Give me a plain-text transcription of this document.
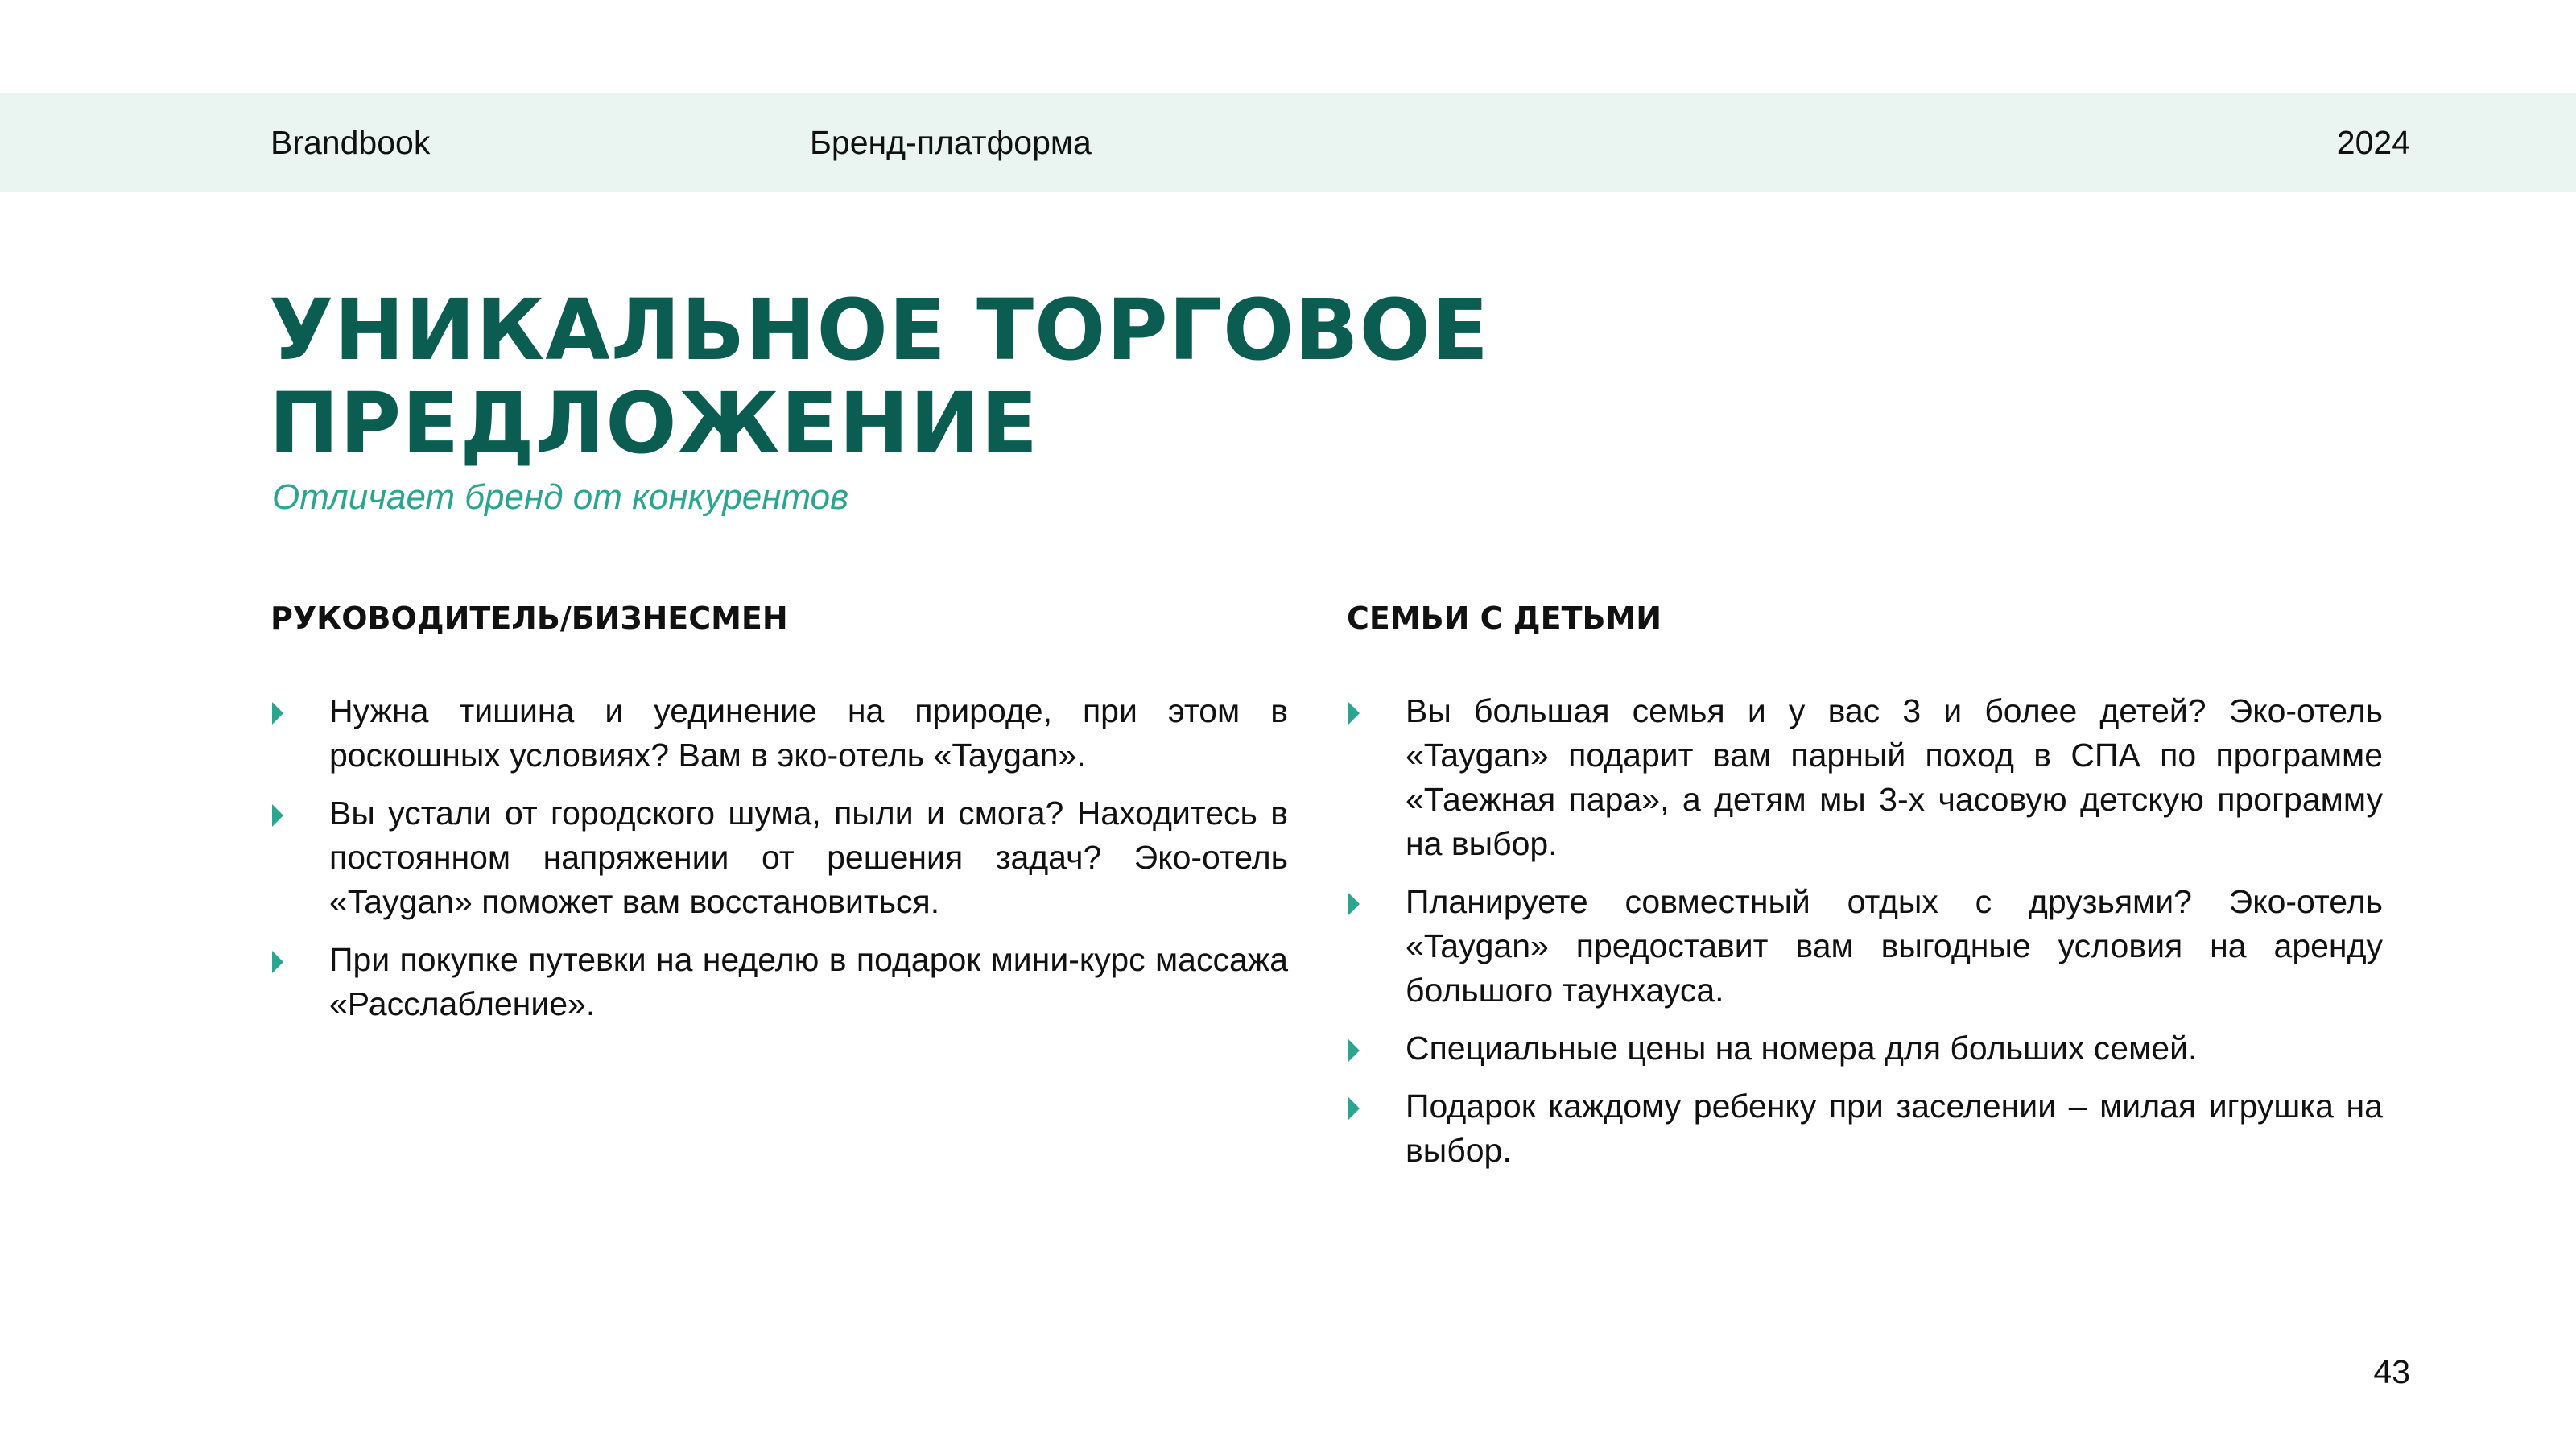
Brandbook	Бренд-платформа	2024
УНИКАЛЬНОЕ ТОРГОВОЕ
ПРЕДЛОЖЕНИЕ
Отличает бренд от конкурентов
РУКОВОДИТЕЛЬ/БИЗНЕСМЕН
Нужна тишина и уединение на природе, при этом в роскошных условиях? Вам в эко-отель «Taygan».
Вы устали от городского шума, пыли и смога? Находитесь в постоянном напряжении от решения задач? Эко-отель «Taygan» поможет вам восстановиться.
При покупке путевки на неделю в подарок мини-курс массажа «Расслабление».
СЕМЬИ С ДЕТЬМИ
Вы большая семья и у вас 3 и более детей? Эко-отель «Taygan» подарит вам парный поход в СПА по программе «Таежная пара», а детям мы 3-х часовую детскую программу на выбор.
Планируете совместный отдых с друзьями? Эко-отель «Taygan» предоставит вам выгодные условия на аренду большого таунхауса.
Специальные цены на номера для больших семей.
Подарок каждому ребенку при заселении – милая игрушка на выбор.
43
